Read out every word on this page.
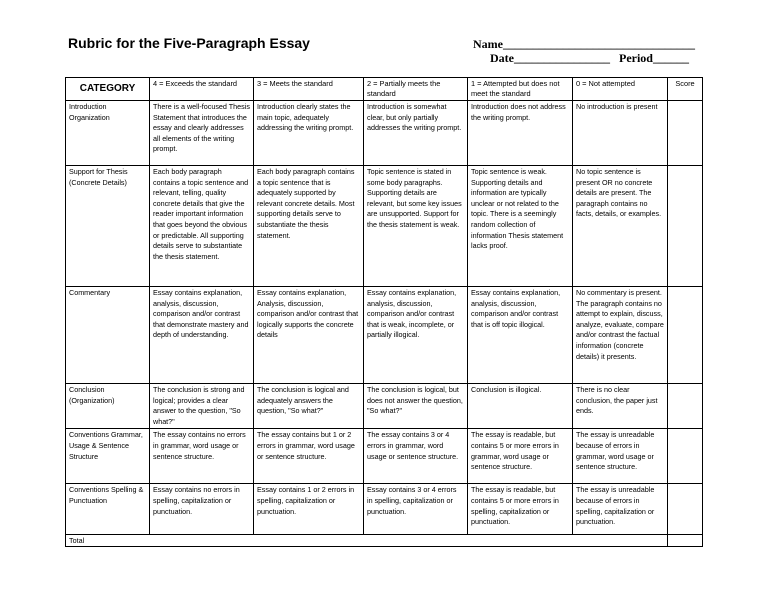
Rubric for the Five-Paragraph Essay	Name________________________________
Date________________   Period______
CATEGORY	4 = Exceeds the standard	3 = Meets the standard	2 = Partially meets the standard	1 = Attempted but does not meet the standard	0 = Not attempted	Score
Introduction Organization	There is a well-focused Thesis Statement that introduces the essay and clearly addresses all elements of the writing prompt.	Introduction clearly states the main topic, adequately addressing the writing prompt.	Introduction is somewhat clear, but only partially addresses the writing prompt.	Introduction does not address the writing prompt.	No introduction is present	
Support for Thesis (Concrete Details)	Each body paragraph contains a topic sentence and relevant, telling, quality concrete details that give the reader important information that goes beyond the obvious or predictable. All supporting details serve to substantiate the thesis statement.	Each body paragraph contains a topic sentence that is adequately supported by relevant concrete details. Most supporting details serve to substantiate the thesis statement.	Topic sentence is stated in some body paragraphs. Supporting details are relevant, but some key issues are unsupported. Support for the thesis statement is weak.	Topic sentence is weak. Supporting details and information are typically unclear or not related to the topic. There is a seemingly random collection of information Thesis statement lacks proof.	No topic sentence is present OR no concrete details are present. The paragraph contains no facts, details, or examples.	
Commentary	Essay contains explanation, analysis, discussion, comparison and/or contrast that demonstrate mastery and depth of understanding.	Essay contains explanation, Analysis, discussion, comparison and/or contrast that logically supports the concrete details	Essay contains explanation, analysis, discussion, comparison and/or contrast that is weak, incomplete, or partially illogical.	Essay contains explanation, analysis, discussion, comparison and/or contrast that is off topic illogical.	No commentary is present. The paragraph contains no attempt to explain, discuss, analyze, evaluate, compare and/or contrast the factual information (concrete details) it presents.	
Conclusion (Organization)	The conclusion is strong and logical; provides a clear answer to the question, "So what?"	The conclusion is logical and adequately answers the question, "So what?"	The conclusion is logical, but does not answer the question, "So what?"	Conclusion is illogical.	There is no clear conclusion, the paper just ends.	
Conventions Grammar, Usage & Sentence Structure	The essay contains no errors in grammar, word usage or sentence structure.	The essay contains but 1 or 2 errors in grammar, word usage or sentence structure.	The essay contains 3 or 4 errors in grammar, word usage or sentence structure.	The essay is readable, but contains 5 or more errors in grammar, word usage or sentence structure.	The essay is unreadable because of errors in grammar, word usage or sentence structure.	
Conventions Spelling & Punctuation	Essay contains no errors in spelling, capitalization or punctuation.	Essay contains 1 or 2 errors in spelling, capitalization or punctuation.	Essay contains 3 or 4 errors in spelling, capitalization or punctuation.	The essay is readable, but contains 5 or more errors in spelling, capitalization or punctuation.	The essay is unreadable because of errors in spelling, capitalization or punctuation.	
Total						
